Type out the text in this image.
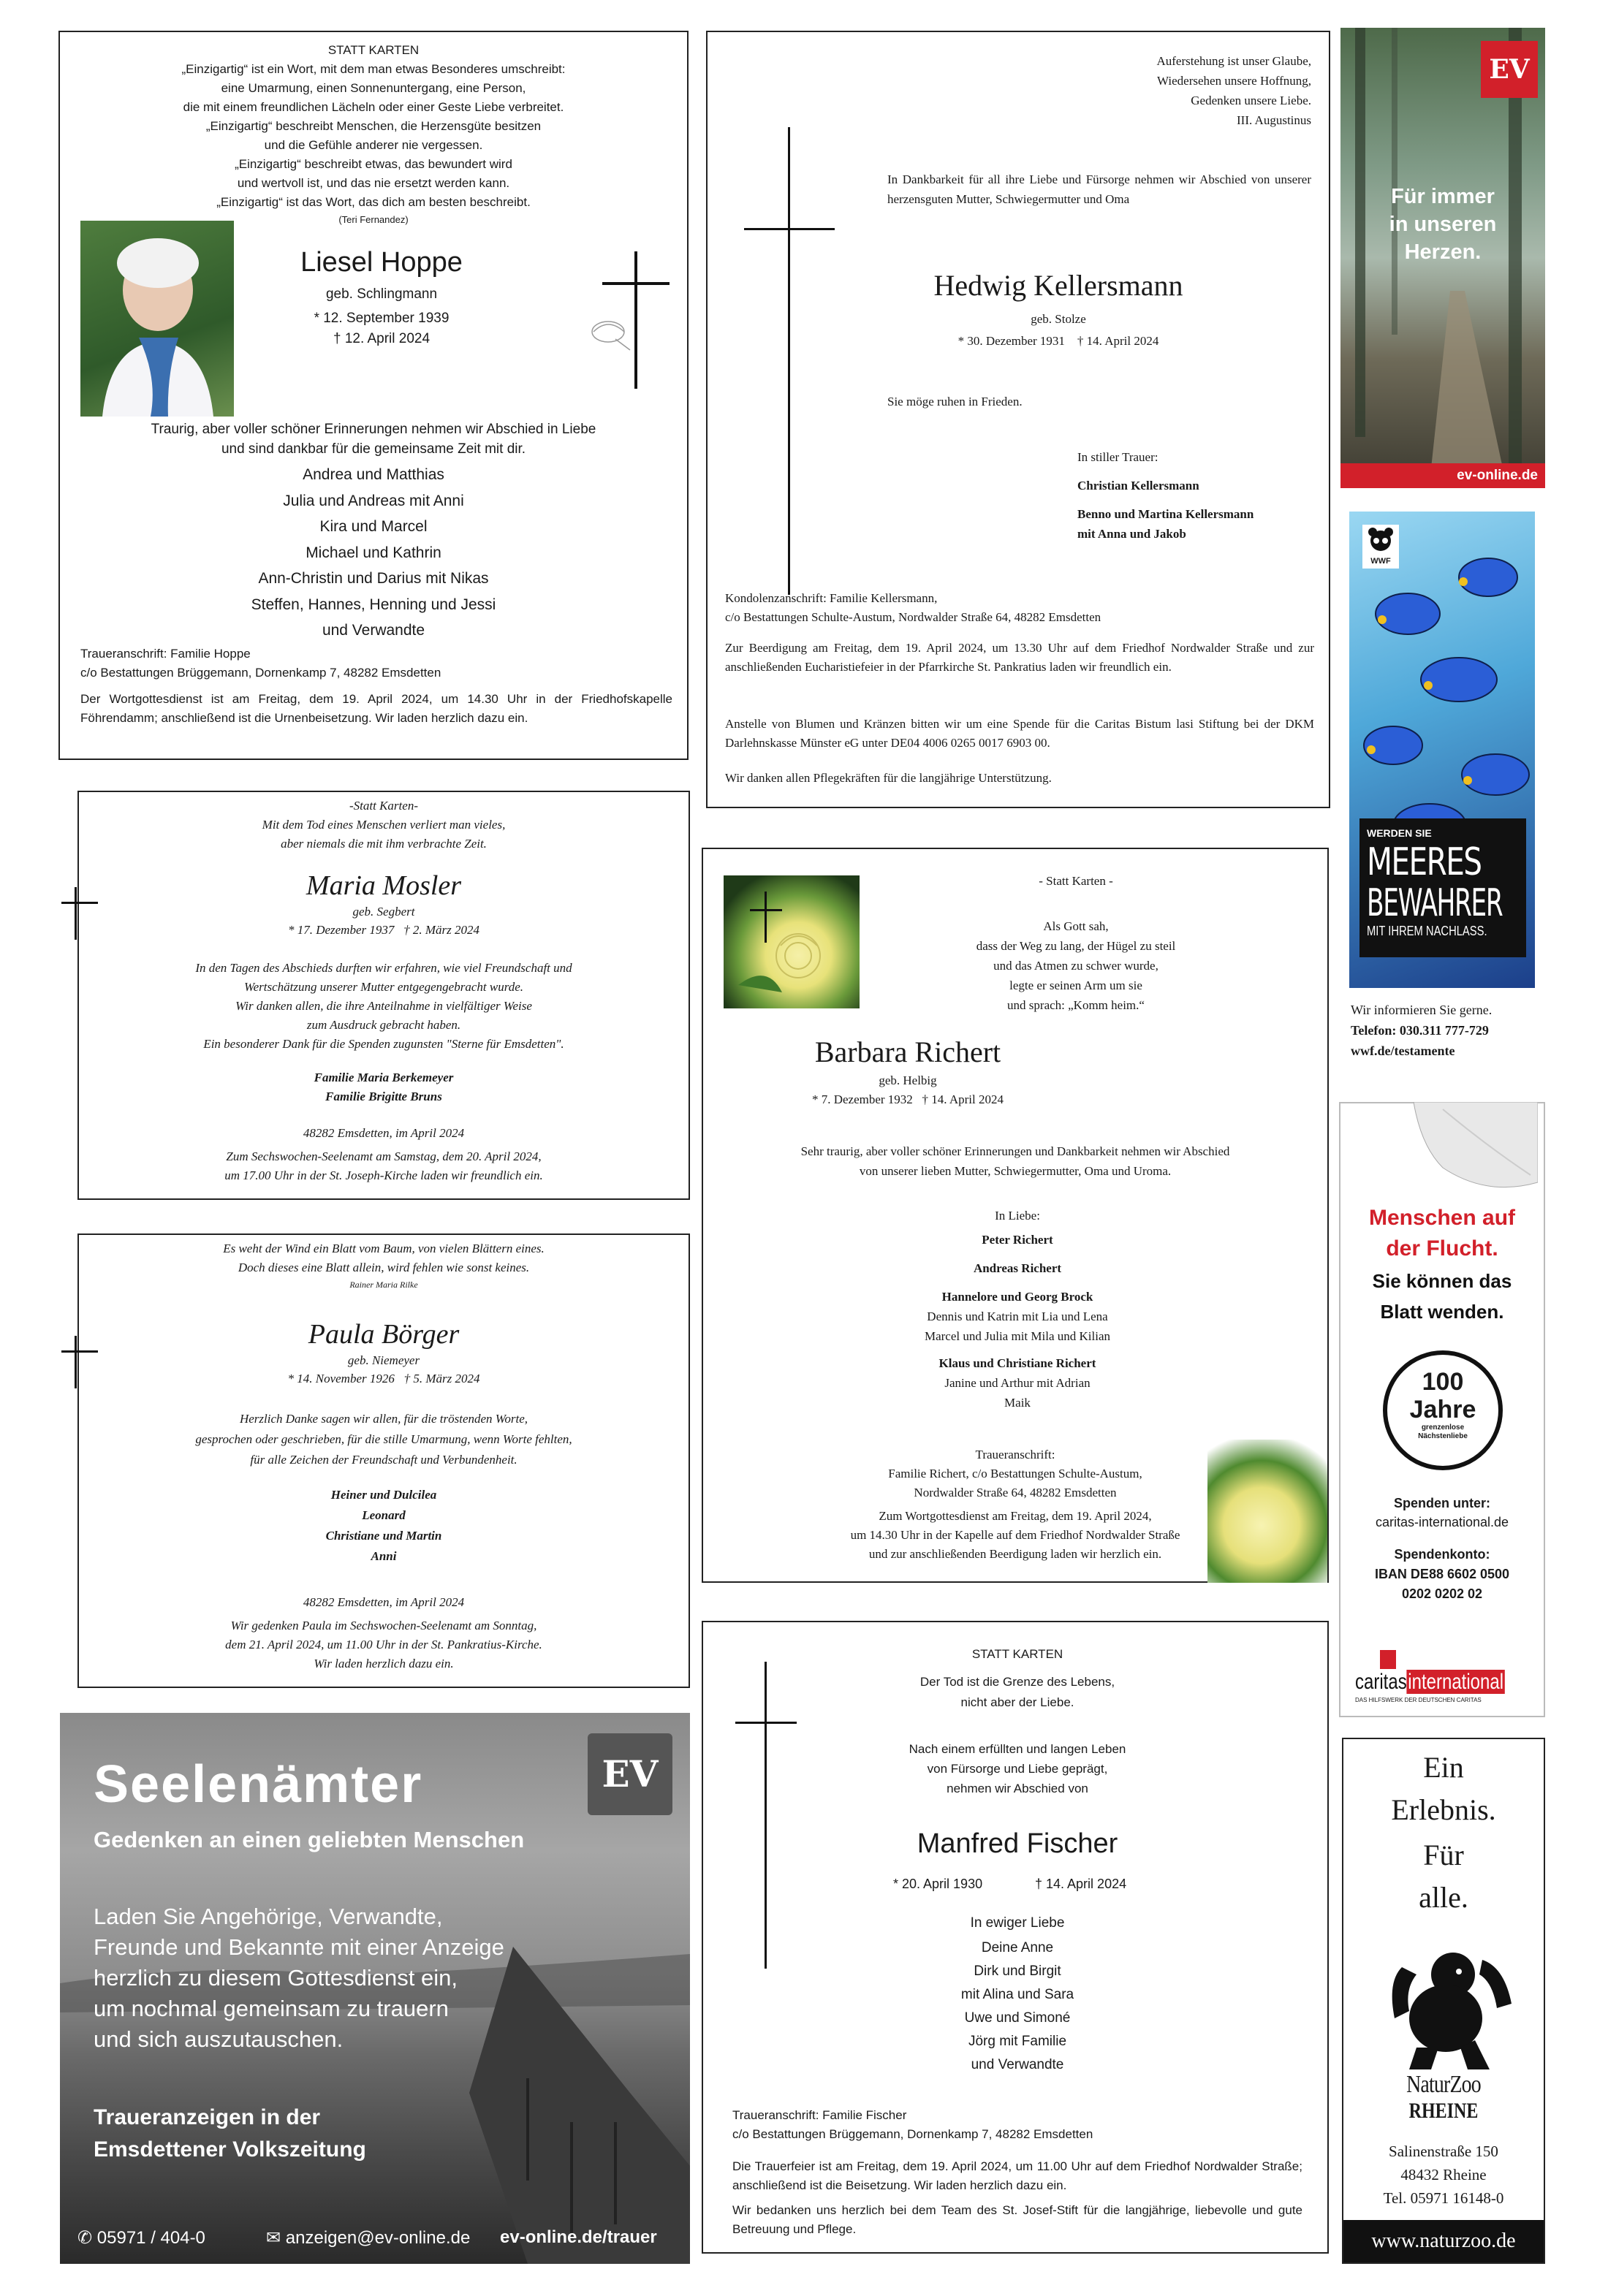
STATT KARTEN
„Einzigartig“ ist ein Wort, mit dem man etwas Besonderes umschreibt:
eine Umarmung, einen Sonnenuntergang, eine Person,
die mit einem freundlichen Lächeln oder einer Geste Liebe verbreitet.
„Einzigartig“ beschreibt Menschen, die Herzensgüte besitzen
und die Gefühle anderer nie vergessen.
„Einzigartig“ beschreibt etwas, das bewundert wird
und wertvoll ist, und das nie ersetzt werden kann.
„Einzigartig“ ist das Wort, das dich am besten beschreibt.
(Teri Fernandez)
Liesel Hoppe
geb. Schlingmann
* 12. September 1939
† 12. April 2024
Traurig, aber voller schöner Erinnerungen nehmen wir Abschied in Liebe
und sind dankbar für die gemeinsame Zeit mit dir.
Andrea und Matthias
Julia und Andreas mit Anni
Kira und Marcel
Michael und Kathrin
Ann-Christin und Darius mit Nikas
Steffen, Hannes, Henning und Jessi
und Verwandte
Traueranschrift: Familie Hoppe
c/o Bestattungen Brüggemann, Dornenkamp 7, 48282 Emsdetten
Der Wortgottesdienst ist am Freitag, dem 19. April 2024, um 14.30 Uhr in der Friedhofskapelle Föhrendamm; anschließend ist die Urnenbeisetzung. Wir laden herzlich dazu ein.
Auferstehung ist unser Glaube,
Wiedersehen unsere Hoffnung,
Gedenken unsere Liebe.
III. Augustinus
In Dankbarkeit für all ihre Liebe und Fürsorge nehmen wir Abschied von unserer herzensguten Mutter, Schwiegermutter und Oma
Hedwig Kellersmann
geb. Stolze
* 30. Dezember 1931    † 14. April 2024
Sie möge ruhen in Frieden.
In stiller Trauer:
Christian Kellersmann
Benno und Martina Kellersmann
mit Anna und Jakob
Kondolenzanschrift: Familie Kellersmann,
c/o Bestattungen Schulte-Austum, Nordwalder Straße 64, 48282 Emsdetten
Zur Beerdigung am Freitag, dem 19. April 2024, um 13.30 Uhr auf dem Friedhof Nordwalder Straße und zur anschließenden Eucharistiefeier in der Pfarrkirche St. Pankratius laden wir freundlich ein.
Anstelle von Blumen und Kränzen bitten wir um eine Spende für die Caritas Bistum lasi Stiftung bei der DKM Darlehnskasse Münster eG unter DE04 4006 0265 0017 6903 00.
Wir danken allen Pflegekräften für die langjährige Unterstützung.
EV
Für immer
in unseren
Herzen.
ev-online.de
-Statt Karten-
Mit dem Tod eines Menschen verliert man vieles,
aber niemals die mit ihm verbrachte Zeit.
Maria Mosler
geb. Segbert
* 17. Dezember 1937   † 2. März 2024
In den Tagen des Abschieds durften wir erfahren, wie viel Freundschaft und
Wertschätzung unserer Mutter entgegengebracht wurde.
Wir danken allen, die ihre Anteilnahme in vielfältiger Weise
zum Ausdruck gebracht haben.
Ein besonderer Dank für die Spenden zugunsten "Sterne für Emsdetten".
Familie Maria Berkemeyer
Familie Brigitte Bruns
48282 Emsdetten, im April 2024
Zum Sechswochen-Seelenamt am Samstag, dem 20. April 2024,
um 17.00 Uhr in der St. Joseph-Kirche laden wir freundlich ein.
- Statt Karten -
Als Gott sah,
dass der Weg zu lang, der Hügel zu steil
und das Atmen zu schwer wurde,
legte er seinen Arm um sie
und sprach: „Komm heim.“
Barbara Richert
geb. Helbig
* 7. Dezember 1932   † 14. April 2024
Sehr traurig, aber voller schöner Erinnerungen und Dankbarkeit nehmen wir Abschied
von unserer lieben Mutter, Schwiegermutter, Oma und Uroma.
In Liebe:
Peter Richert
Andreas Richert
Hannelore und Georg Brock
Dennis und Katrin mit Lia und Lena
Marcel und Julia mit Mila und Kilian
Klaus und Christiane Richert
Janine und Arthur mit Adrian
Maik
Traueranschrift:
Familie Richert, c/o Bestattungen Schulte-Austum,
Nordwalder Straße 64, 48282 Emsdetten
Zum Wortgottesdienst am Freitag, dem 19. April 2024,
um 14.30 Uhr in der Kapelle auf dem Friedhof Nordwalder Straße
und zur anschließenden Beerdigung laden wir herzlich ein.
WWF
WERDEN SIE
MEERES
BEWAHRER
MIT IHREM NACHLASS.
Wir informieren Sie gerne.
Telefon: 030.311 777-729
wwf.de/testamente
Es weht der Wind ein Blatt vom Baum, von vielen Blättern eines.
Doch dieses eine Blatt allein, wird fehlen wie sonst keines.
Rainer Maria Rilke
Paula Börger
geb. Niemeyer
* 14. November 1926   † 5. März 2024
Herzlich Danke sagen wir allen, für die tröstenden Worte,
gesprochen oder geschrieben, für die stille Umarmung, wenn Worte fehlten,
für alle Zeichen der Freundschaft und Verbundenheit.
Heiner und Dulcilea
Leonard
Christiane und Martin
Anni
48282 Emsdetten, im April 2024
Wir gedenken Paula im Sechswochen-Seelenamt am Sonntag,
dem 21. April 2024, um 11.00 Uhr in der St. Pankratius-Kirche.
Wir laden herzlich dazu ein.
Menschen auf
der Flucht.
Sie können das
Blatt wenden.
100
Jahre
grenzenlose
Nächstenliebe
Spenden unter:
caritas-international.de
Spendenkonto:
IBAN DE88 6602 0500
0202 0202 02
caritasinternational
DAS HILFSWERK DER DEUTSCHEN CARITAS
Seelenämter	EV
Gedenken an einen geliebten Menschen
Laden Sie Angehörige, Verwandte,
Freunde und Bekannte mit einer Anzeige
herzlich zu diesem Gottesdienst ein,
um nochmal gemeinsam zu trauern
und sich auszutauschen.
Traueranzeigen in der
Emsdettener Volkszeitung
✆ 05971 / 404-0	✉ anzeigen@ev-online.de ev-online.de/trauer
STATT KARTEN
Der Tod ist die Grenze des Lebens,
nicht aber der Liebe.
Nach einem erfüllten und langen Leben
von Fürsorge und Liebe geprägt,
nehmen wir Abschied von
Manfred Fischer
* 20. April 1930	† 14. April 2024
In ewiger Liebe
Deine Anne
Dirk und Birgit
mit Alina und Sara
Uwe und Simoné
Jörg mit Familie
und Verwandte
Traueranschrift: Familie Fischer
c/o Bestattungen Brüggemann, Dornenkamp 7, 48282 Emsdetten
Die Trauerfeier ist am Freitag, dem 19. April 2024, um 11.00 Uhr auf dem Friedhof Nordwalder Straße; anschließend ist die Beisetzung. Wir laden herzlich dazu ein.
Wir bedanken uns herzlich bei dem Team des St. Josef-Stift für die langjährige, liebevolle und gute Betreuung und Pflege.
Ein
Erlebnis.
Für
alle.
NaturZoo
RHEINE
Salinenstraße 150
48432 Rheine
Tel. 05971 16148-0
www.naturzoo.de
